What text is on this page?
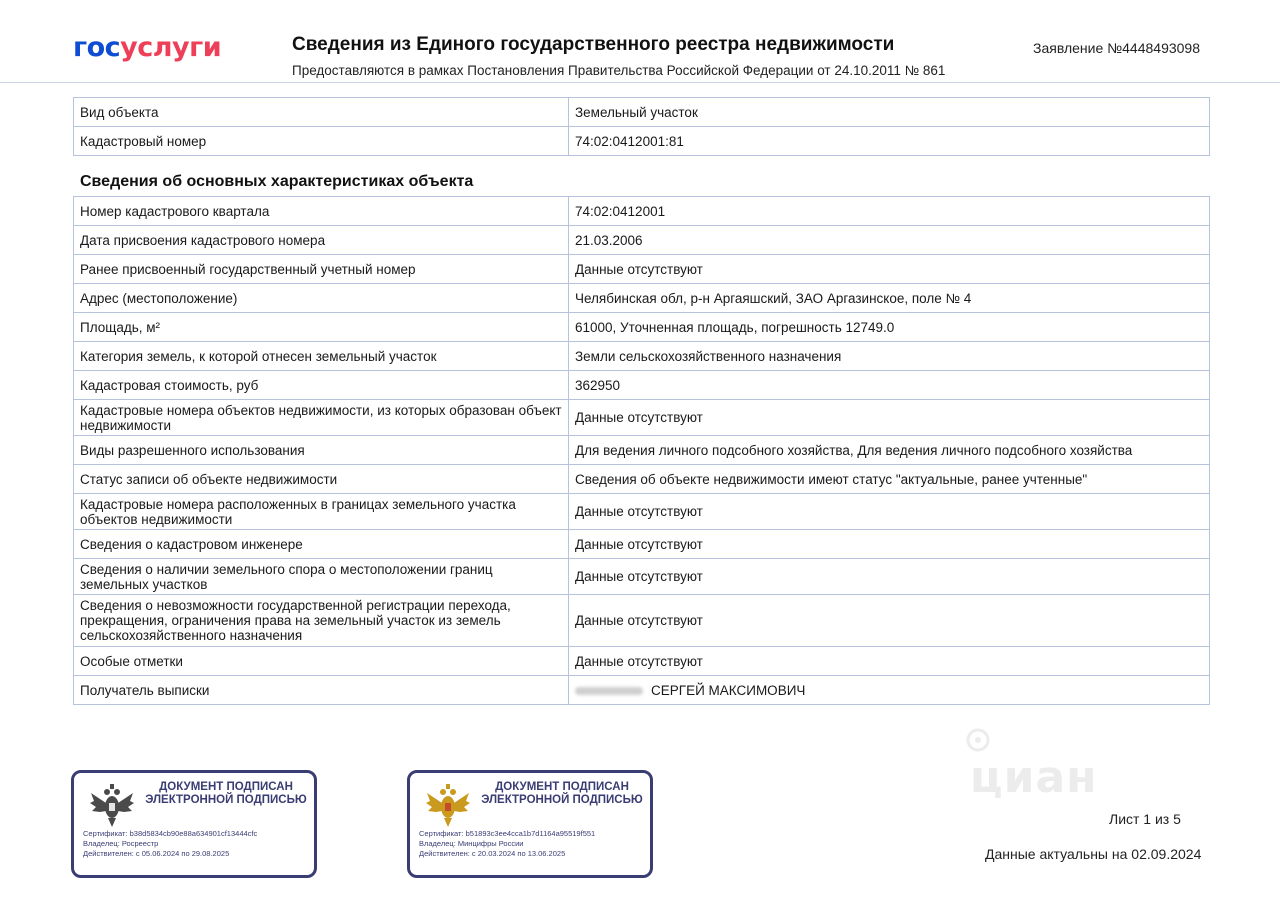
госуслуги	Сведения из Единого государственного реестра недвижимости
Предоставляются в рамках Постановления Правительства Российской Федерации от 24.10.2011 № 861
Заявление №4448493098
Вид объекта	Земельный участок
Кадастровый номер	74:02:0412001:81
Сведения об основных характеристиках объекта
Номер кадастрового квартала	74:02:0412001
Дата присвоения кадастрового номера	21.03.2006
Ранее присвоенный государственный учетный номер	Данные отсутствуют
Адрес (местоположение)	Челябинская обл, р-н Аргаяшский, ЗАО Аргазинское, поле № 4
Площадь, м²	61000, Уточненная площадь, погрешность 12749.0
Категория земель, к которой отнесен земельный участок	Земли сельскохозяйственного назначения
Кадастровая стоимость, руб	362950
Кадастровые номера объектов недвижимости, из которых образован объект недвижимости	Данные отсутствуют
Виды разрешенного использования	Для ведения личного подсобного хозяйства, Для ведения личного подсобного хозяйства
Статус записи об объекте недвижимости	Сведения об объекте недвижимости имеют статус "актуальные, ранее учтенные"
Кадастровые номера расположенных в границах земельного участка объектов недвижимости	Данные отсутствуют
Сведения о кадастровом инженере	Данные отсутствуют
Сведения о наличии земельного спора о местоположении границ земельных участков	Данные отсутствуют
Сведения о невозможности государственной регистрации перехода, прекращения, ограничения права на земельный участок из земель сельскохозяйственного назначения	Данные отсутствуют
Особые отметки	Данные отсутствуют
Получатель выписки	СЕРГЕЙ МАКСИМОВИЧ
ДОКУМЕНТ ПОДПИСАН ЭЛЕКТРОННОЙ ПОДПИСЬЮ
Сертификат: b38d5834cb90e88a634901cf13444cfc
Владелец: Росреестр
Действителен: с 05.06.2024 по 29.08.2025
ДОКУМЕНТ ПОДПИСАН ЭЛЕКТРОННОЙ ПОДПИСЬЮ
Сертификат: b51893c3ee4cca1b7d1164a95519f551
Владелец: Минцифры России
Действителен: с 20.03.2024 по 13.06.2025
циан
Лист 1 из 5
Данные актуальны на 02.09.2024
